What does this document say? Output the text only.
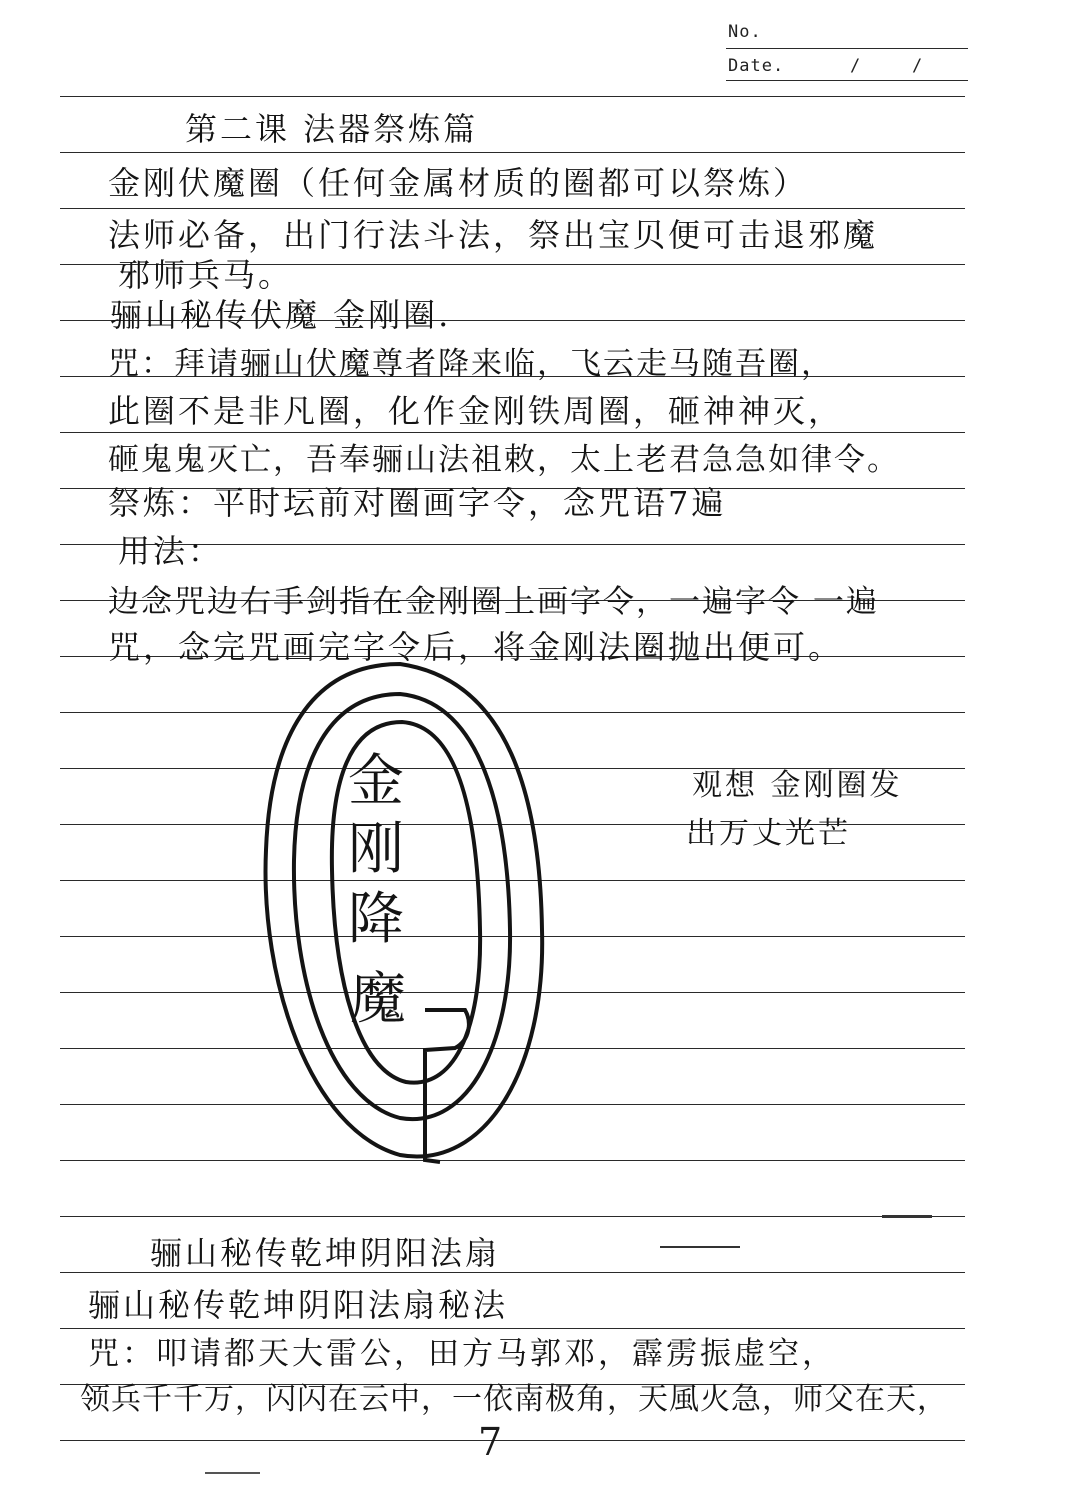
No.
Date.	/	/
第二课 法器祭炼篇
金刚伏魔圈（任何金属材质的圈都可以祭炼）
法师必备，出门行法斗法，祭出宝贝便可击退邪魔
邪师兵马。
骊山秘传伏魔 金刚圈.
咒：拜请骊山伏魔尊者降来临，飞云走马随吾圈，
此圈不是非凡圈，化作金刚铁周圈，砸神神灭，
砸鬼鬼灭亡，吾奉骊山法祖敕，太上老君急急如律令。
祭炼：平时坛前对圈画字令，念咒语7遍
用法：
边念咒边右手剑指在金刚圈上画字令，一遍字令 一遍
咒，念完咒画完字令后，将金刚法圈抛出便可。
金
刚
降
魔
观想 金刚圈发
出万丈光芒
骊山秘传乾坤阴阳法扇
骊山秘传乾坤阴阳法扇秘法
咒：叩请都天大雷公，田方马郭邓，霹雳振虚空，
领兵千千万，闪闪在云中，一依南极角，天風火急，师父在天，
7
